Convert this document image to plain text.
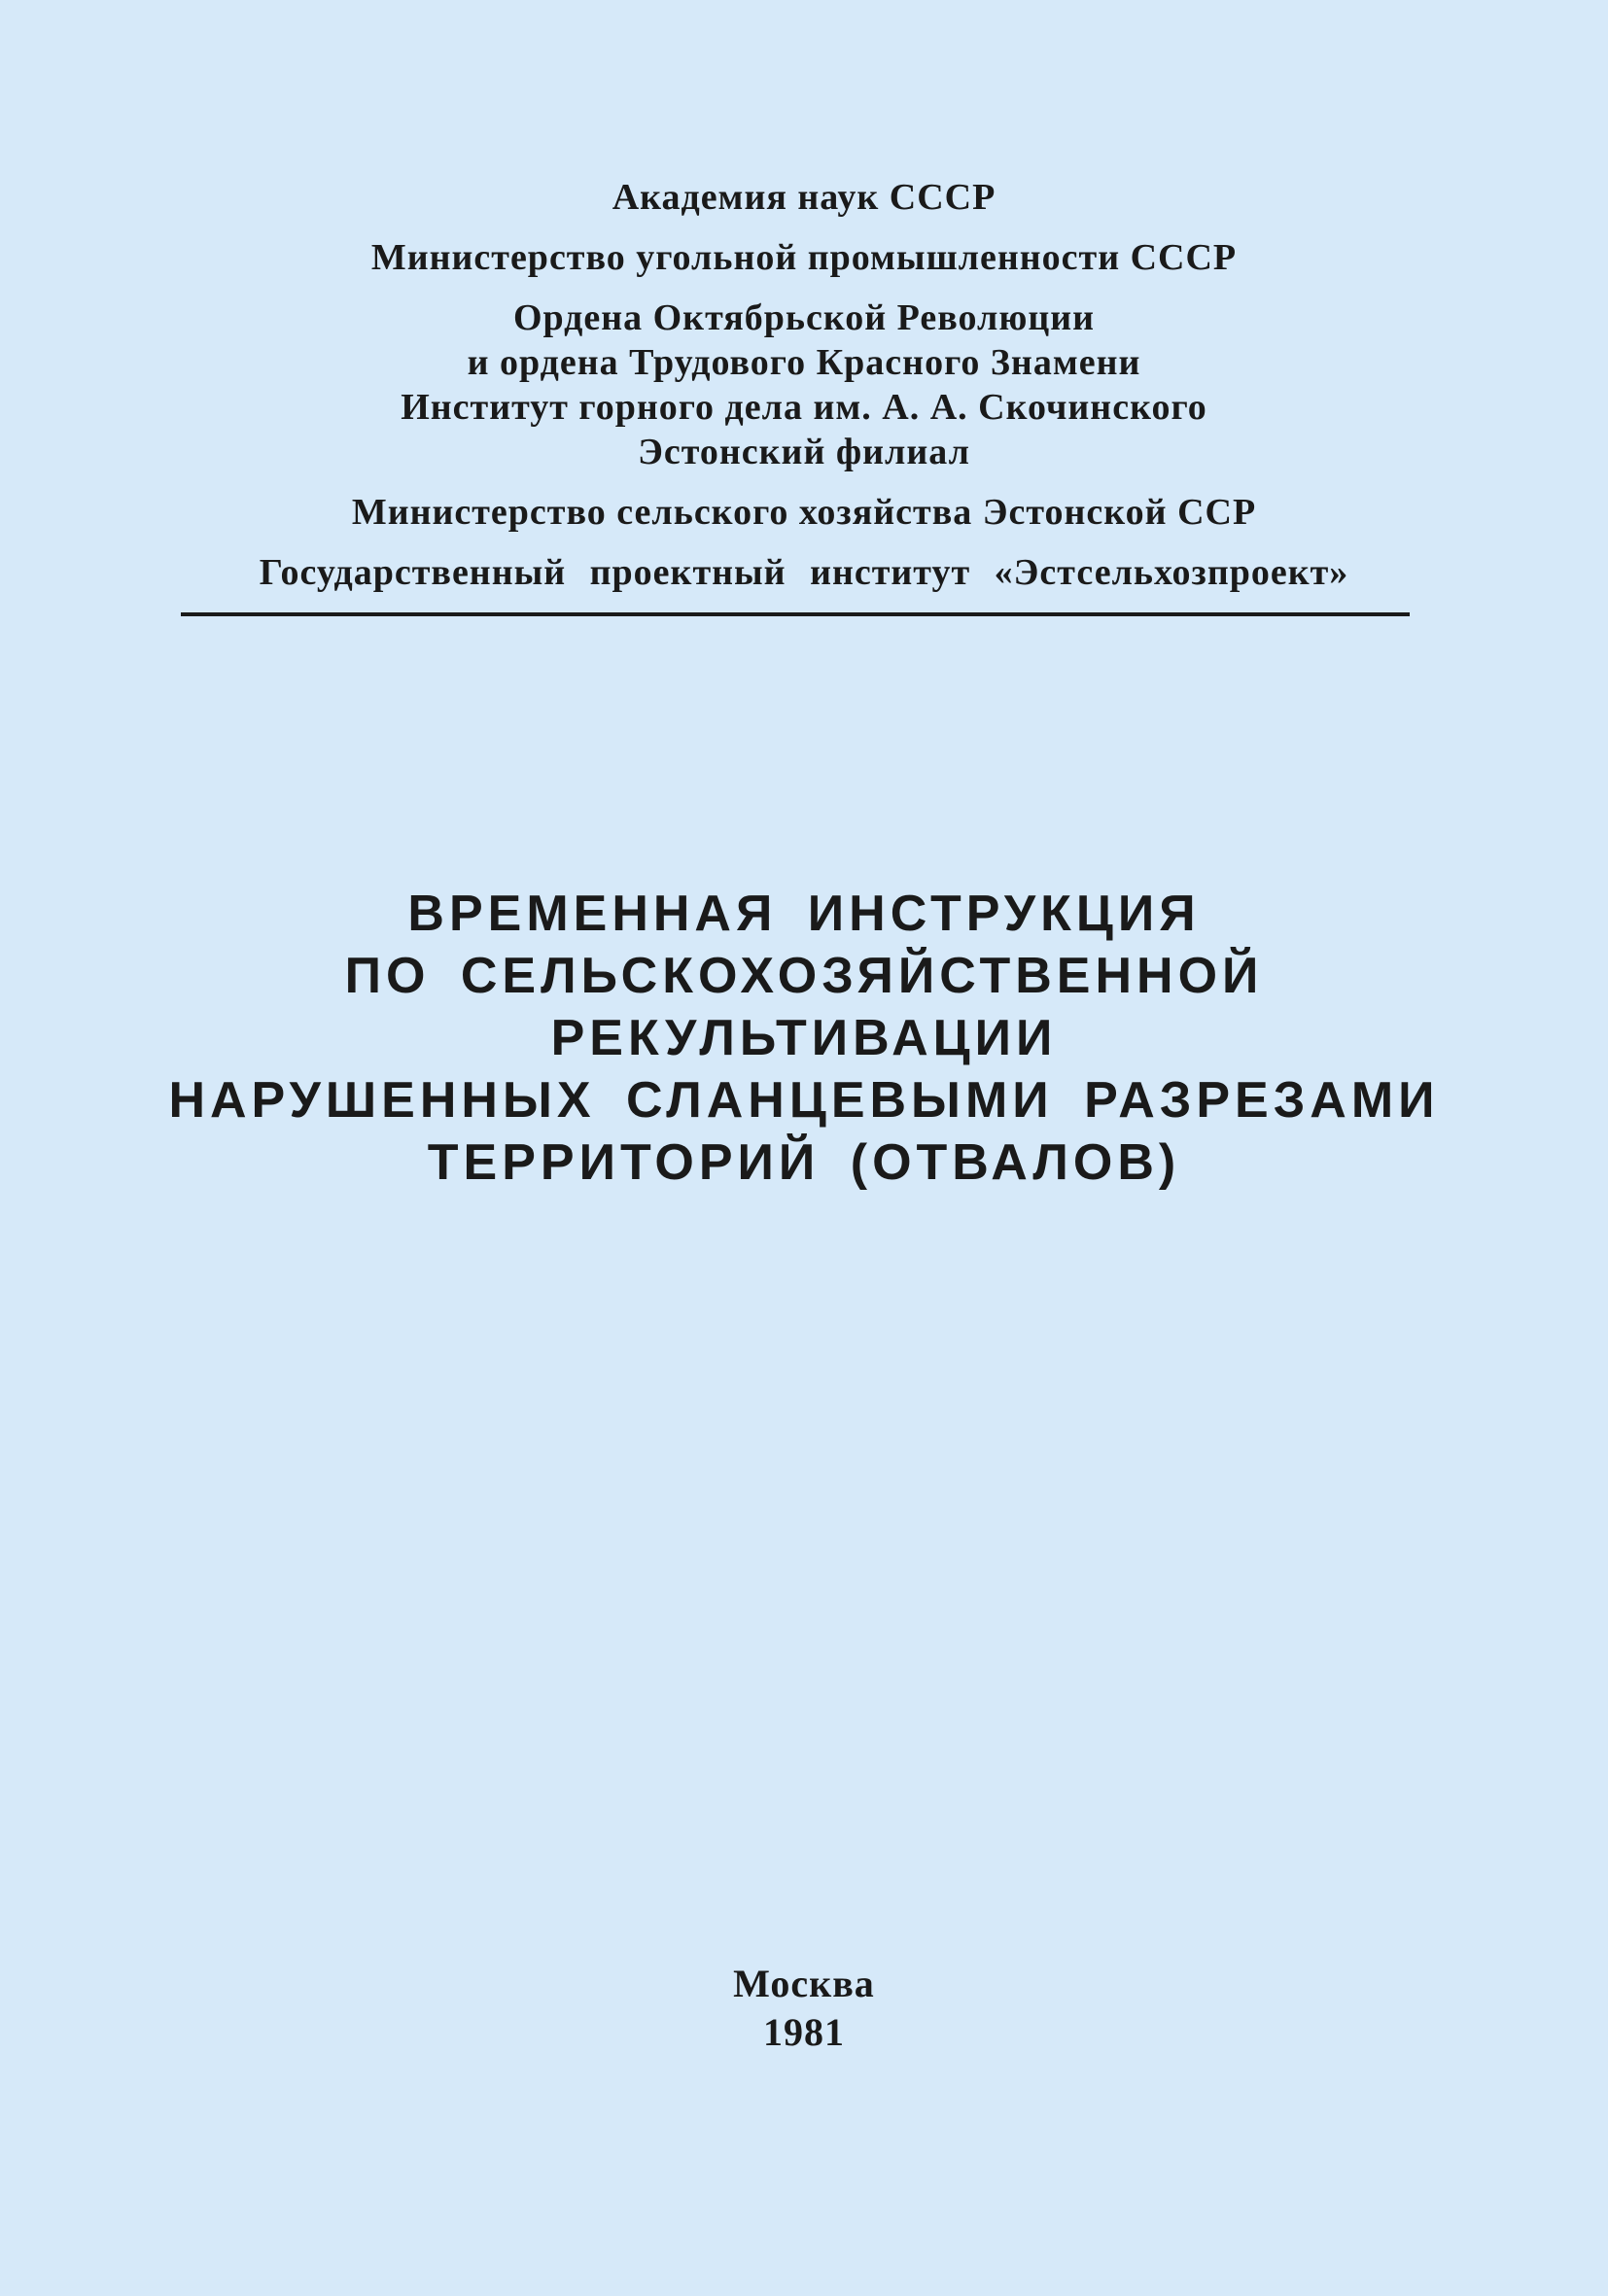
Академия наук СССР
Министерство угольной промышленности СССР
Ордена Октябрьской Революции
и ордена Трудового Красного Знамени
Институт горного дела им. А. А. Скочинского
Эстонский филиал
Министерство сельского хозяйства Эстонской ССР
Государственный проектный институт «Эстсельхозпроект»
ВРЕМЕННАЯ ИНСТРУКЦИЯ
ПО СЕЛЬСКОХОЗЯЙСТВЕННОЙ
РЕКУЛЬТИВАЦИИ
НАРУШЕННЫХ СЛАНЦЕВЫМИ РАЗРЕЗАМИ
ТЕРРИТОРИЙ (ОТВАЛОВ)
Москва
1981
